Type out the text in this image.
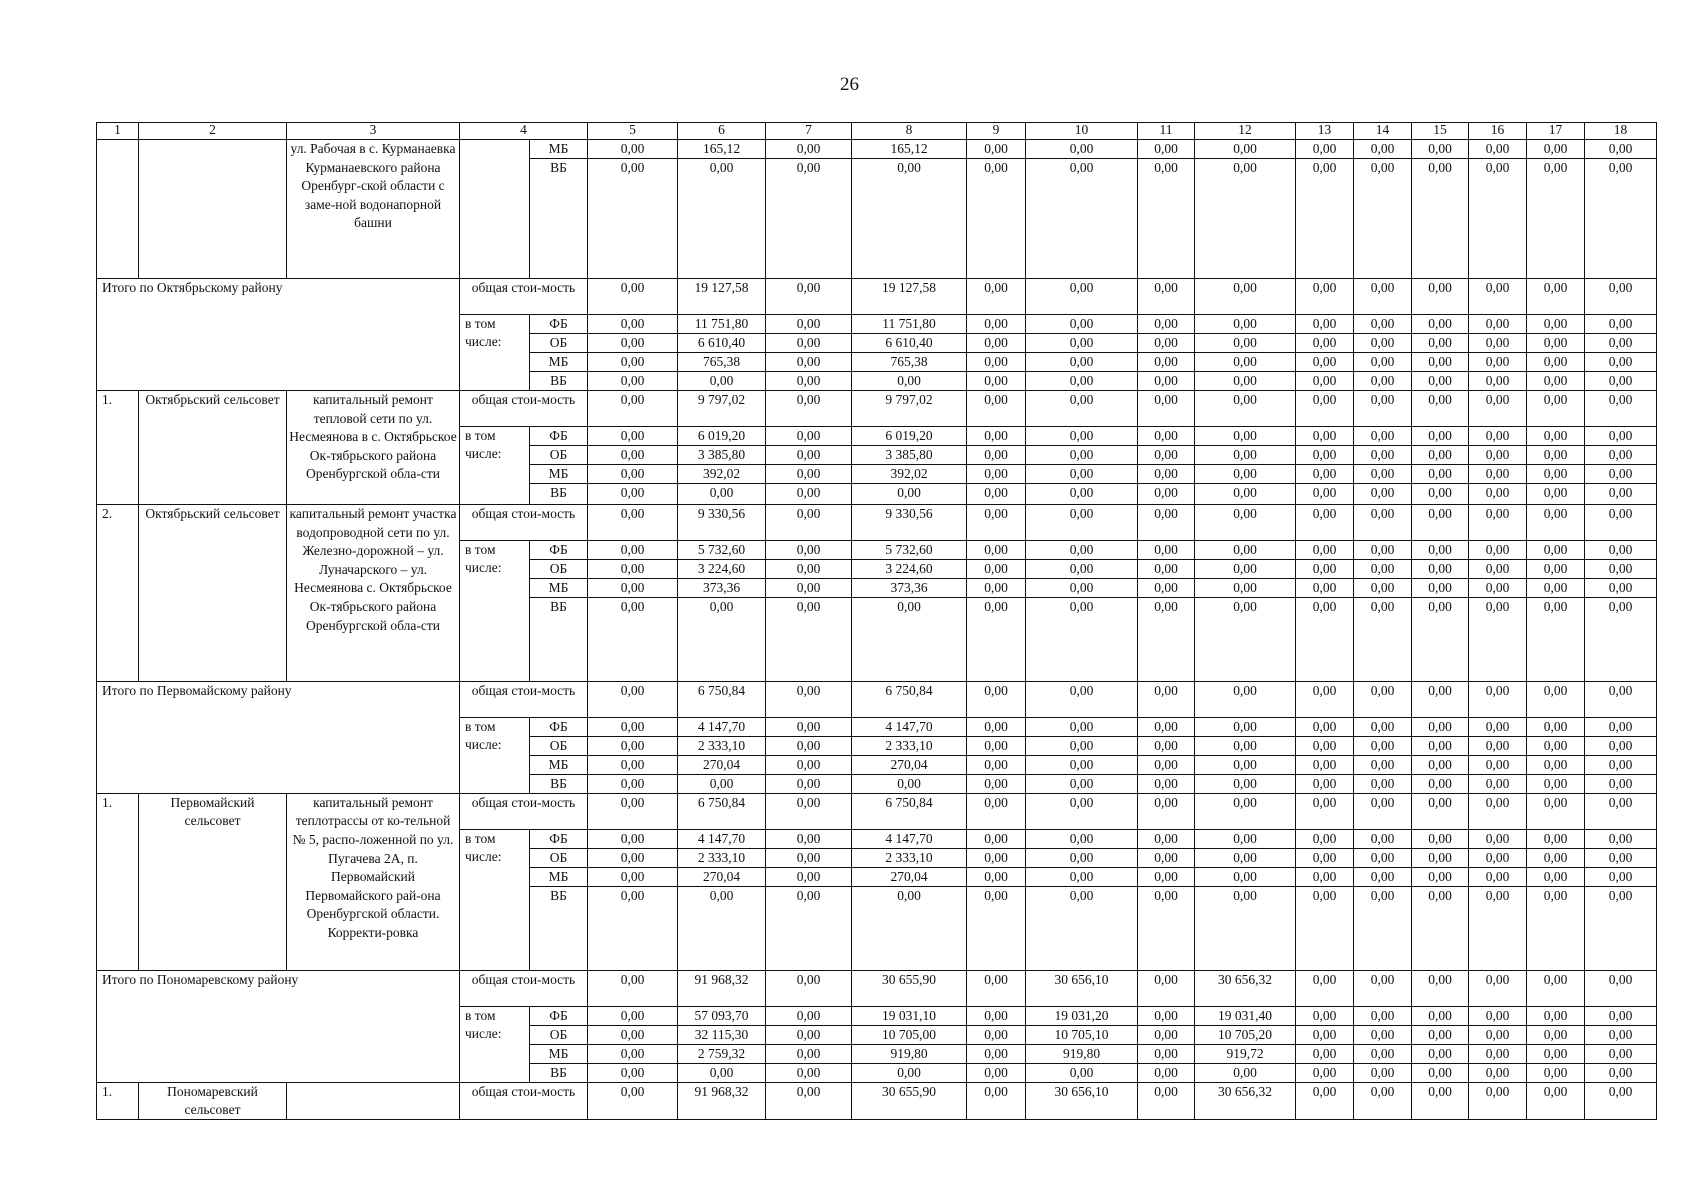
26
1	2	3	4		5	6	7	8	9	10	11	12	13	14	15	16	17	18
		ул. Рабочая в с. Курманаевка Курманаевского района Оренбург-ской области с заме-ной водонапорной башни		МБ	0,00	165,12	0,00	165,12	0,00	0,00	0,00	0,00	0,00	0,00	0,00	0,00	0,00	0,00
				ВБ	0,00	0,00	0,00	0,00	0,00	0,00	0,00	0,00	0,00	0,00	0,00	0,00	0,00	0,00
Итого по Октябрьскому району			общая стои-мость		0,00	19 127,58	0,00	19 127,58	0,00	0,00	0,00	0,00	0,00	0,00	0,00	0,00	0,00	0,00
			в том числе:	ФБ	0,00	11 751,80	0,00	11 751,80	0,00	0,00	0,00	0,00	0,00	0,00	0,00	0,00	0,00	0,00
				ОБ	0,00	6 610,40	0,00	6 610,40	0,00	0,00	0,00	0,00	0,00	0,00	0,00	0,00	0,00	0,00
				МБ	0,00	765,38	0,00	765,38	0,00	0,00	0,00	0,00	0,00	0,00	0,00	0,00	0,00	0,00
				ВБ	0,00	0,00	0,00	0,00	0,00	0,00	0,00	0,00	0,00	0,00	0,00	0,00	0,00	0,00
1.	Октябрьский сельсовет	капитальный ремонт тепловой сети по ул. Несмеянова в с. Октябрьское Ок-тябрьского района Оренбургской обла-сти	общая стои-мость		0,00	9 797,02	0,00	9 797,02	0,00	0,00	0,00	0,00	0,00	0,00	0,00	0,00	0,00	0,00
			в том числе:	ФБ	0,00	6 019,20	0,00	6 019,20	0,00	0,00	0,00	0,00	0,00	0,00	0,00	0,00	0,00	0,00
				ОБ	0,00	3 385,80	0,00	3 385,80	0,00	0,00	0,00	0,00	0,00	0,00	0,00	0,00	0,00	0,00
				МБ	0,00	392,02	0,00	392,02	0,00	0,00	0,00	0,00	0,00	0,00	0,00	0,00	0,00	0,00
				ВБ	0,00	0,00	0,00	0,00	0,00	0,00	0,00	0,00	0,00	0,00	0,00	0,00	0,00	0,00
2.	Октябрьский сельсовет	капитальный ремонт участка водопроводной сети по ул. Железно-дорожной – ул. Луначарского – ул. Несмеянова с. Октябрьское Ок-тябрьского района Оренбургской обла-сти	общая стои-мость		0,00	9 330,56	0,00	9 330,56	0,00	0,00	0,00	0,00	0,00	0,00	0,00	0,00	0,00	0,00
			в том числе:	ФБ	0,00	5 732,60	0,00	5 732,60	0,00	0,00	0,00	0,00	0,00	0,00	0,00	0,00	0,00	0,00
				ОБ	0,00	3 224,60	0,00	3 224,60	0,00	0,00	0,00	0,00	0,00	0,00	0,00	0,00	0,00	0,00
				МБ	0,00	373,36	0,00	373,36	0,00	0,00	0,00	0,00	0,00	0,00	0,00	0,00	0,00	0,00
				ВБ	0,00	0,00	0,00	0,00	0,00	0,00	0,00	0,00	0,00	0,00	0,00	0,00	0,00	0,00
Итого по Первомайскому району			общая стои-мость		0,00	6 750,84	0,00	6 750,84	0,00	0,00	0,00	0,00	0,00	0,00	0,00	0,00	0,00	0,00
			в том числе:	ФБ	0,00	4 147,70	0,00	4 147,70	0,00	0,00	0,00	0,00	0,00	0,00	0,00	0,00	0,00	0,00
				ОБ	0,00	2 333,10	0,00	2 333,10	0,00	0,00	0,00	0,00	0,00	0,00	0,00	0,00	0,00	0,00
				МБ	0,00	270,04	0,00	270,04	0,00	0,00	0,00	0,00	0,00	0,00	0,00	0,00	0,00	0,00
				ВБ	0,00	0,00	0,00	0,00	0,00	0,00	0,00	0,00	0,00	0,00	0,00	0,00	0,00	0,00
1.	Первомайский сельсовет	капитальный ремонт теплотрассы от ко-тельной № 5, распо-ложенной по ул. Пугачева 2А, п. Первомайский Первомайского рай-она Оренбургской области. Корректи-ровка	общая стои-мость		0,00	6 750,84	0,00	6 750,84	0,00	0,00	0,00	0,00	0,00	0,00	0,00	0,00	0,00	0,00
			в том числе:	ФБ	0,00	4 147,70	0,00	4 147,70	0,00	0,00	0,00	0,00	0,00	0,00	0,00	0,00	0,00	0,00
				ОБ	0,00	2 333,10	0,00	2 333,10	0,00	0,00	0,00	0,00	0,00	0,00	0,00	0,00	0,00	0,00
				МБ	0,00	270,04	0,00	270,04	0,00	0,00	0,00	0,00	0,00	0,00	0,00	0,00	0,00	0,00
				ВБ	0,00	0,00	0,00	0,00	0,00	0,00	0,00	0,00	0,00	0,00	0,00	0,00	0,00	0,00
Итого по Пономаревскому району			общая стои-мость		0,00	91 968,32	0,00	30 655,90	0,00	30 656,10	0,00	30 656,32	0,00	0,00	0,00	0,00	0,00	0,00
			в том числе:	ФБ	0,00	57 093,70	0,00	19 031,10	0,00	19 031,20	0,00	19 031,40	0,00	0,00	0,00	0,00	0,00	0,00
				ОБ	0,00	32 115,30	0,00	10 705,00	0,00	10 705,10	0,00	10 705,20	0,00	0,00	0,00	0,00	0,00	0,00
				МБ	0,00	2 759,32	0,00	919,80	0,00	919,80	0,00	919,72	0,00	0,00	0,00	0,00	0,00	0,00
				ВБ	0,00	0,00	0,00	0,00	0,00	0,00	0,00	0,00	0,00	0,00	0,00	0,00	0,00	0,00
1.	Пономаревский сельсовет		общая стои-мость		0,00	91 968,32	0,00	30 655,90	0,00	30 656,10	0,00	30 656,32	0,00	0,00	0,00	0,00	0,00	0,00
